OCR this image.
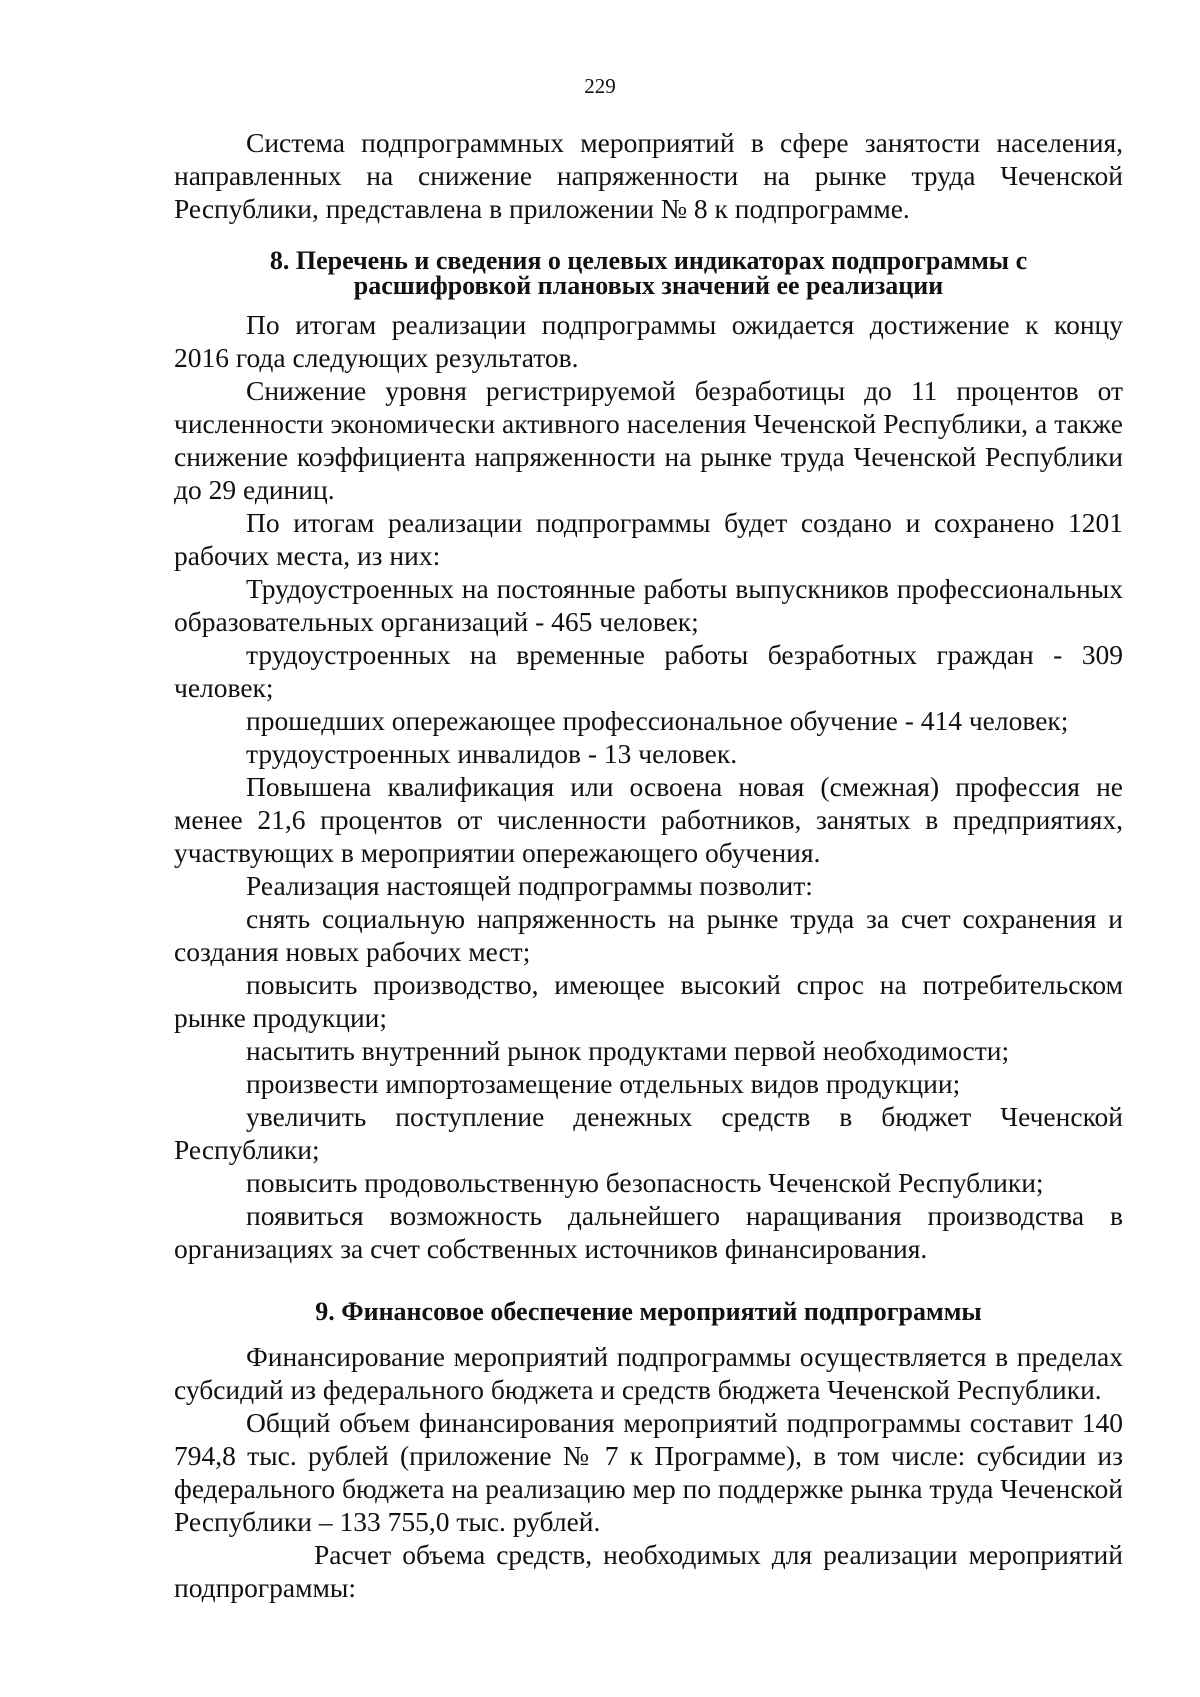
229

Система подпрограммных мероприятий в сфере занятости населения, направленных на снижение напряженности на рынке труда Чеченской Республики, представлена в приложении № 8 к подпрограмме.

8. Перечень и сведения о целевых индикаторах подпрограммы с
расшифровкой плановых значений ее реализации

По итогам реализации подпрограммы ожидается достижение к концу 2016 года следующих результатов.

Снижение уровня регистрируемой безработицы до 11 процентов от численности экономически активного населения Чеченской Республики, а также снижение коэффициента напряженности на рынке труда Чеченской Республики до 29 единиц.

По итогам реализации подпрограммы будет создано и сохранено 1201 рабочих места, из них:

Трудоустроенных на постоянные работы выпускников профессиональных образовательных организаций - 465 человек;

трудоустроенных на временные работы безработных граждан - 309 человек;

прошедших опережающее профессиональное обучение - 414 человек;

трудоустроенных инвалидов - 13 человек.

Повышена квалификация или освоена новая (смежная) профессия не менее 21,6 процентов от численности работников, занятых в предприятиях, участвующих в мероприятии опережающего обучения.

Реализация настоящей подпрограммы позволит:

снять социальную напряженность на рынке труда за счет сохранения и создания новых рабочих мест;

повысить производство, имеющее высокий спрос на потребительском рынке продукции;

насытить внутренний рынок продуктами первой необходимости;

произвести импортозамещение отдельных видов продукции;

увеличить поступление денежных средств в бюджет Чеченской Республики;

повысить продовольственную безопасность Чеченской Республики;

появиться возможность дальнейшего наращивания производства в организациях за счет собственных источников финансирования.

9. Финансовое обеспечение мероприятий подпрограммы

Финансирование мероприятий подпрограммы осуществляется в пределах субсидий из федерального бюджета и средств бюджета Чеченской Республики.

Общий объем финансирования мероприятий подпрограммы составит 140 794,8 тыс. рублей (приложение № 7 к Программе), в том числе: субсидии из федерального бюджета на реализацию мер по поддержке рынка труда Чеченской Республики – 133 755,0 тыс. рублей.

Расчет объема средств, необходимых для реализации мероприятий подпрограммы:
